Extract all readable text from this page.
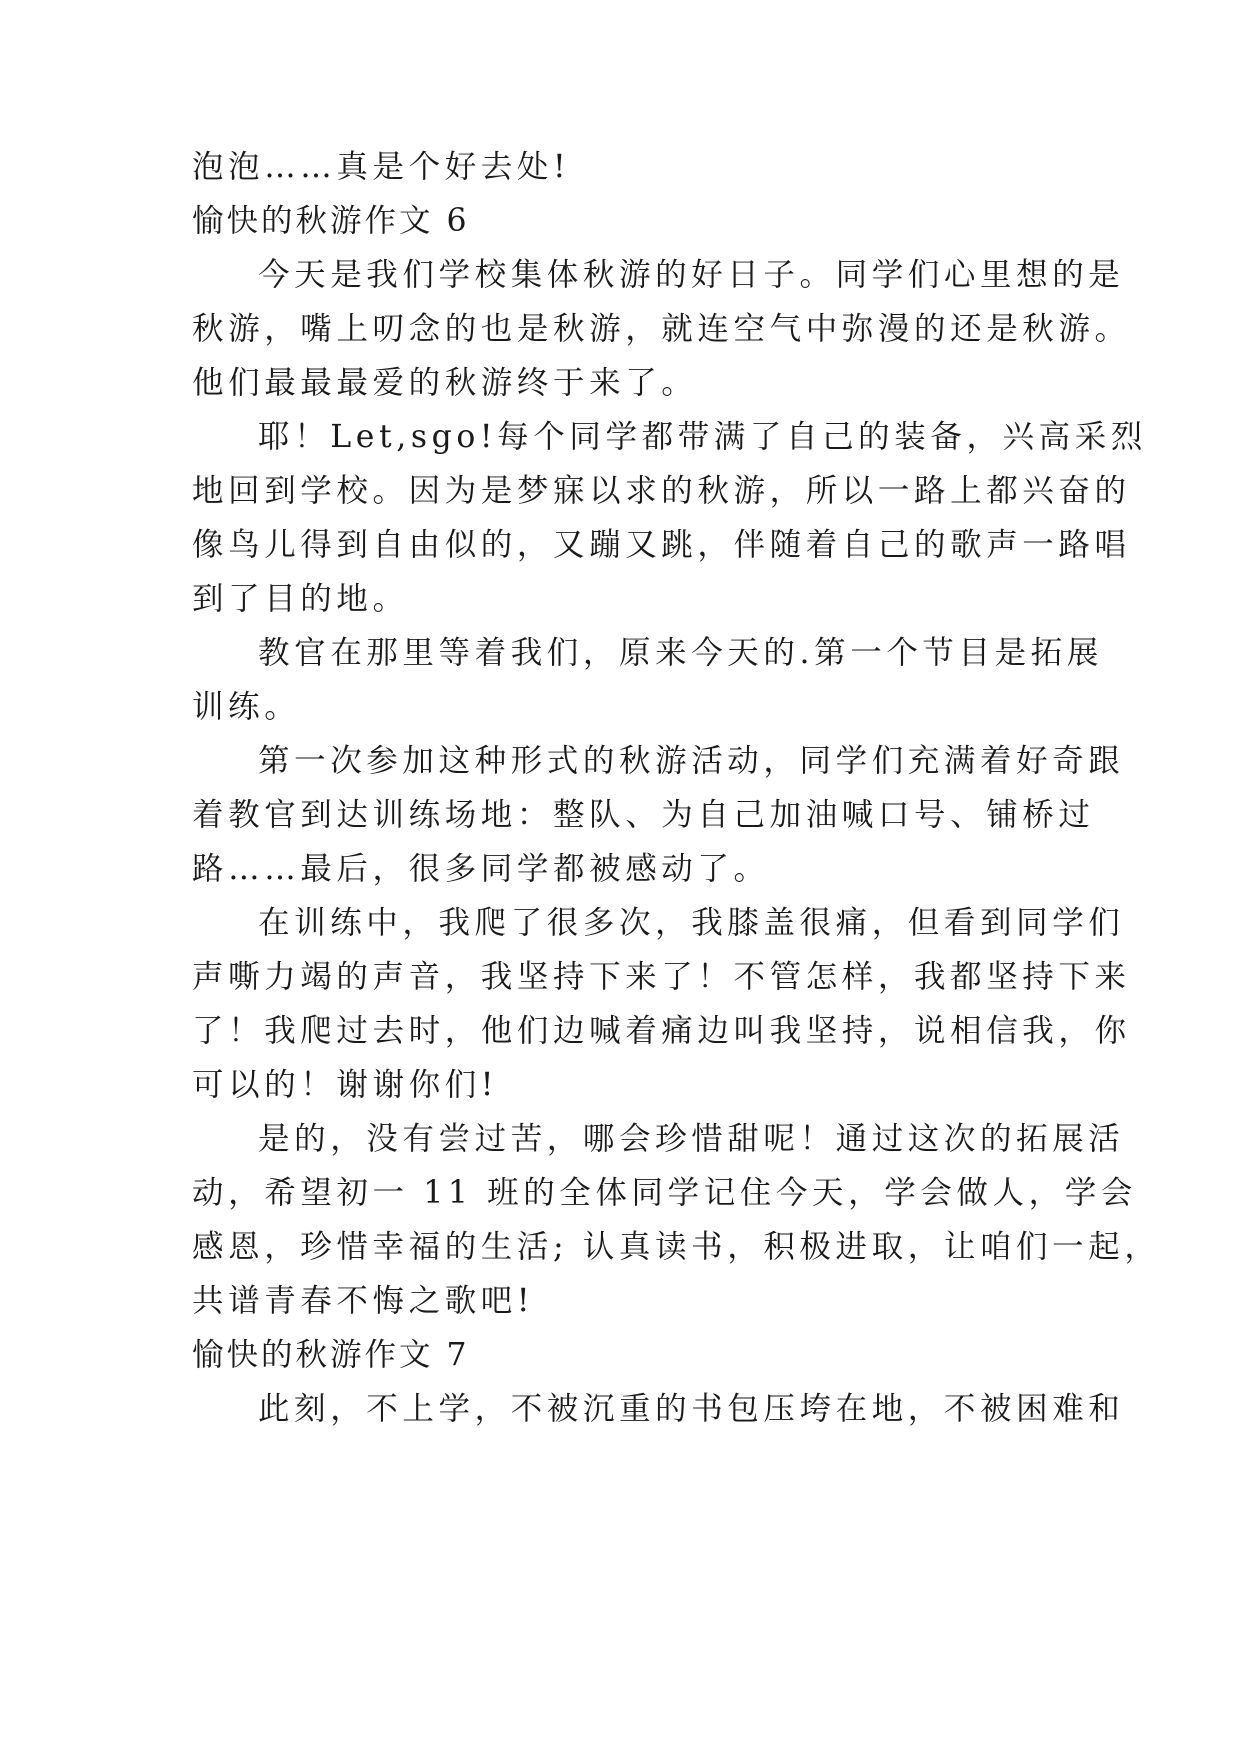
泡泡……真是个好去处!

愉快的秋游作文 6

今天是我们学校集体秋游的好日子。同学们心里想的是

秋游，嘴上叨念的也是秋游，就连空气中弥漫的还是秋游。

他们最最最爱的秋游终于来了。

耶！Let,sgo!每个同学都带满了自己的装备，兴高采烈

地回到学校。因为是梦寐以求的秋游，所以一路上都兴奋的

像鸟儿得到自由似的，又蹦又跳，伴随着自己的歌声一路唱

到了目的地。

教官在那里等着我们，原来今天的.第一个节目是拓展

训练。

第一次参加这种形式的秋游活动，同学们充满着好奇跟

着教官到达训练场地：整队、为自己加油喊口号、铺桥过

路……最后，很多同学都被感动了。

在训练中，我爬了很多次，我膝盖很痛，但看到同学们

声嘶力竭的声音，我坚持下来了！不管怎样，我都坚持下来

了！我爬过去时，他们边喊着痛边叫我坚持，说相信我，你

可以的！谢谢你们!

是的，没有尝过苦，哪会珍惜甜呢！通过这次的拓展活

动，希望初一 11 班的全体同学记住今天，学会做人，学会

感恩，珍惜幸福的生活; 认真读书，积极进取，让咱们一起，

共谱青春不悔之歌吧!

愉快的秋游作文 7

此刻，不上学，不被沉重的书包压垮在地，不被困难和
